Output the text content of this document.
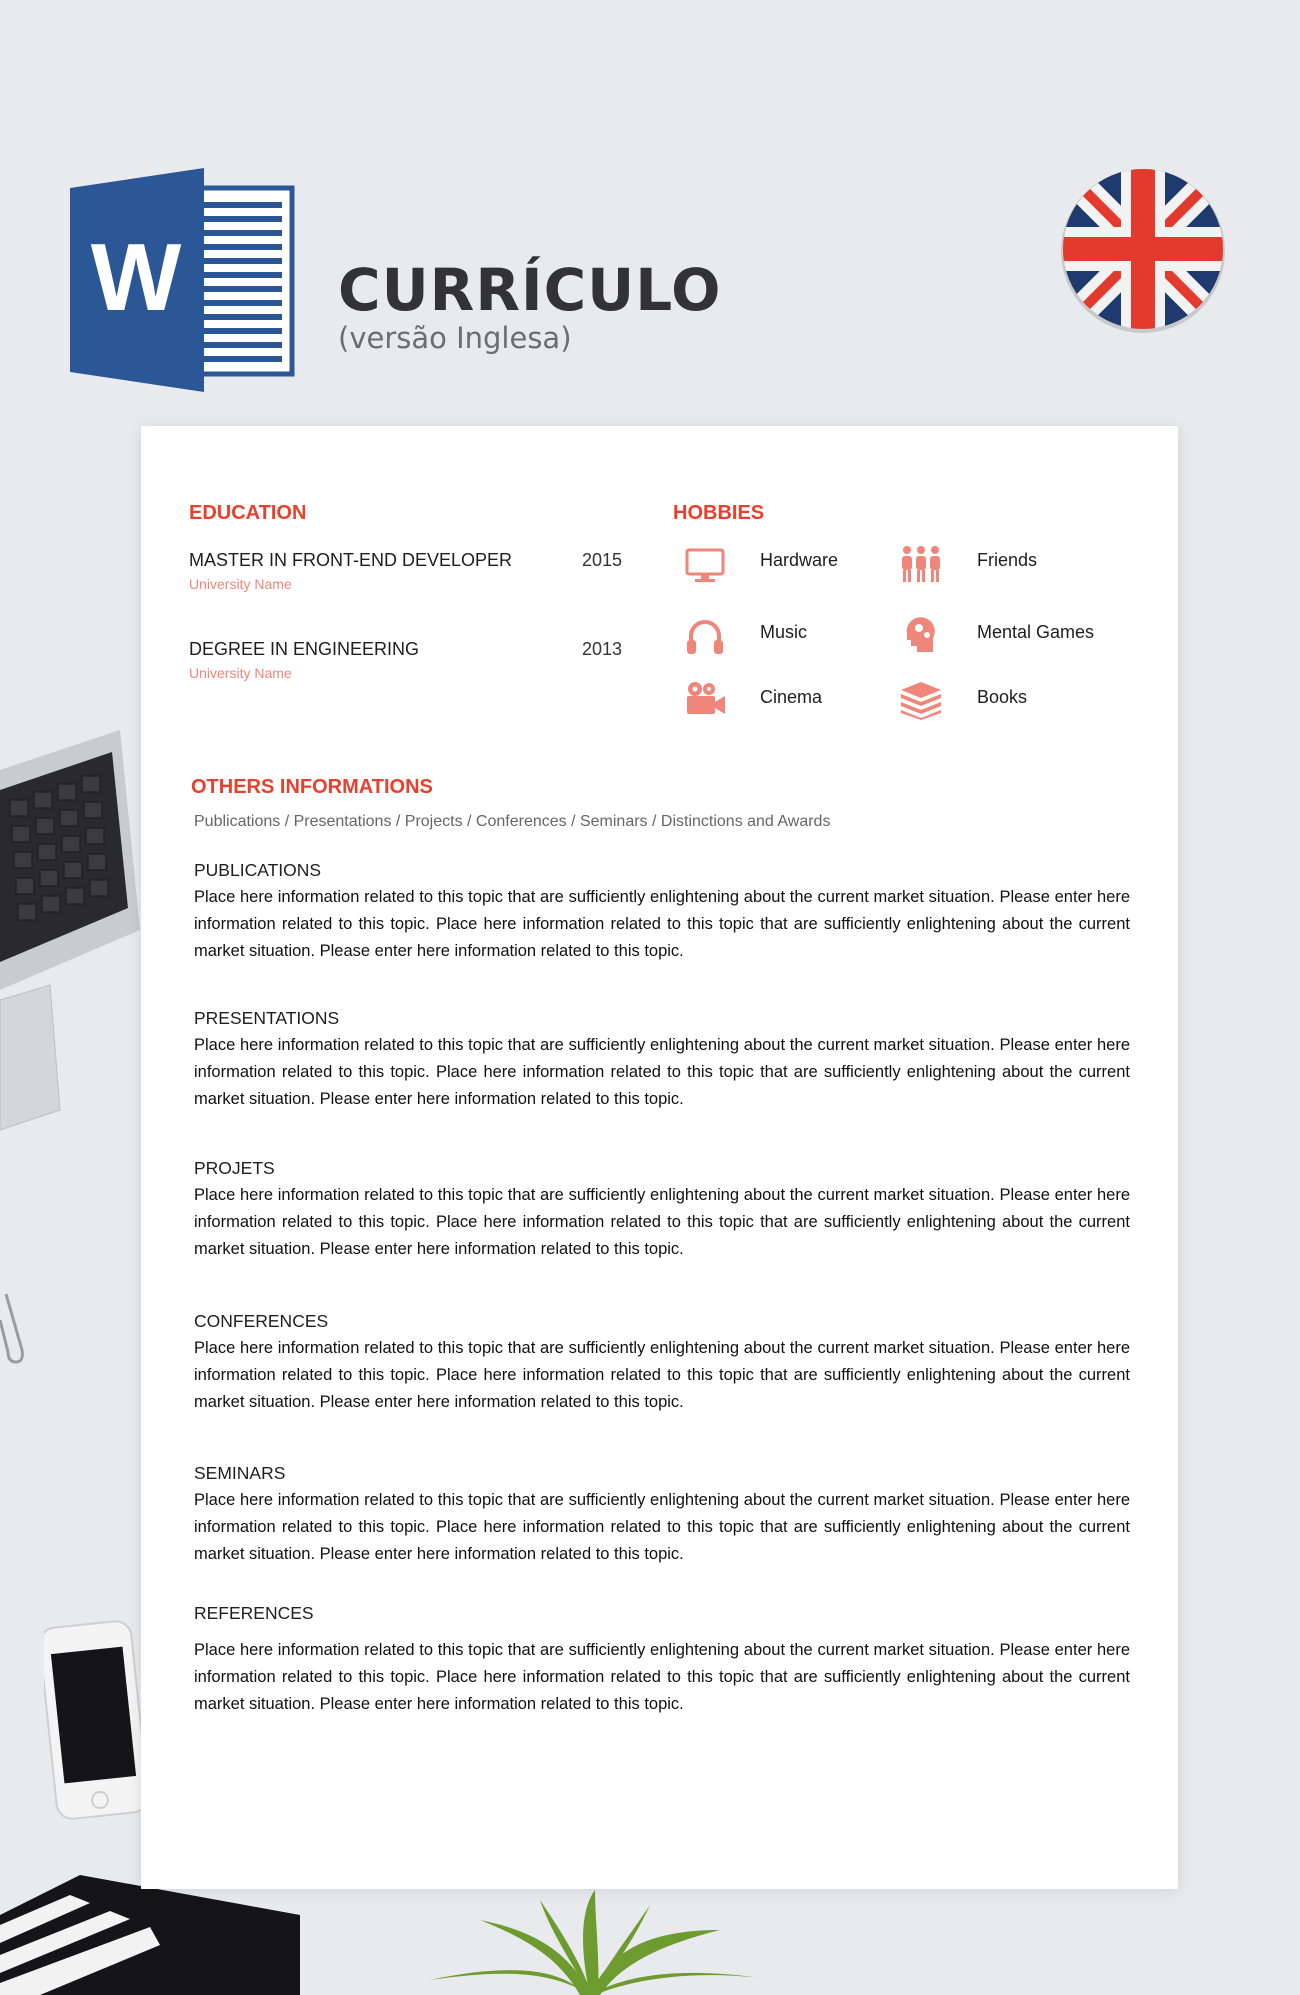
W	CURRÍCULO
(versão Inglesa)
EDUCATION
MASTER IN FRONT-END DEVELOPER
University Name
2015
DEGREE IN ENGINEERING
University Name
2013
HOBBIES
Hardware	Friends
Music	Mental Games
Cinema	Books
OTHERS INFORMATIONS
Publications / Presentations / Projects / Conferences / Seminars / Distinctions and Awards
PUBLICATIONS
Place here information related to this topic that are sufficiently enlightening about the current market situation. Please enter here information related to this topic. Place here information related to this topic that are sufficiently enlightening about the current market situation. Please enter here information related to this topic.
PRESENTATIONS
Place here information related to this topic that are sufficiently enlightening about the current market situation. Please enter here information related to this topic. Place here information related to this topic that are sufficiently enlightening about the current market situation. Please enter here information related to this topic.
PROJETS
Place here information related to this topic that are sufficiently enlightening about the current market situation. Please enter here information related to this topic. Place here information related to this topic that are sufficiently enlightening about the current market situation. Please enter here information related to this topic.
CONFERENCES
Place here information related to this topic that are sufficiently enlightening about the current market situation. Please enter here information related to this topic. Place here information related to this topic that are sufficiently enlightening about the current market situation. Please enter here information related to this topic.
SEMINARS
Place here information related to this topic that are sufficiently enlightening about the current market situation. Please enter here information related to this topic. Place here information related to this topic that are sufficiently enlightening about the current market situation. Please enter here information related to this topic.
REFERENCES
Place here information related to this topic that are sufficiently enlightening about the current market situation. Please enter here information related to this topic. Place here information related to this topic that are sufficiently enlightening about the current market situation. Please enter here information related to this topic.
